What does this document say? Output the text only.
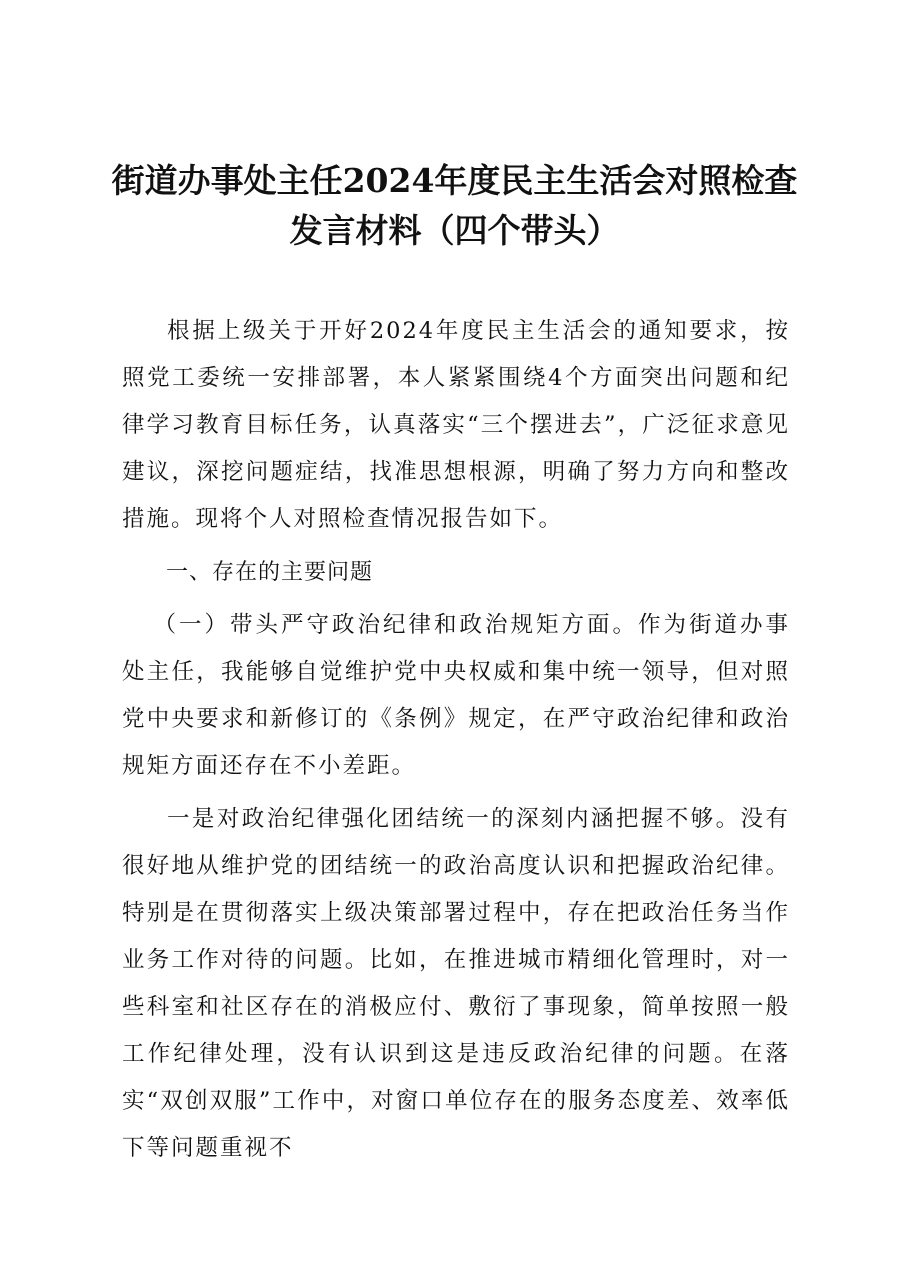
街道办事处主任2024年度民主生活会对照检查
发言材料（四个带头）

根据上级关于开好2024年度民主生活会的通知要求，按照党工委统一安排部署，本人紧紧围绕4个方面突出问题和纪律学习教育目标任务，认真落实“三个摆进去”，广泛征求意见建议，深挖问题症结，找准思想根源，明确了努力方向和整改措施。现将个人对照检查情况报告如下。

一、存在的主要问题

（一）带头严守政治纪律和政治规矩方面。作为街道办事处主任，我能够自觉维护党中央权威和集中统一领导，但对照党中央要求和新修订的《条例》规定，在严守政治纪律和政治规矩方面还存在不小差距。

一是对政治纪律强化团结统一的深刻内涵把握不够。没有很好地从维护党的团结统一的政治高度认识和把握政治纪律。特别是在贯彻落实上级决策部署过程中，存在把政治任务当作业务工作对待的问题。比如，在推进城市精细化管理时，对一些科室和社区存在的消极应付、敷衍了事现象，简单按照一般工作纪律处理，没有认识到这是违反政治纪律的问题。在落实“双创双服”工作中，对窗口单位存在的服务态度差、效率低下等问题重视不
